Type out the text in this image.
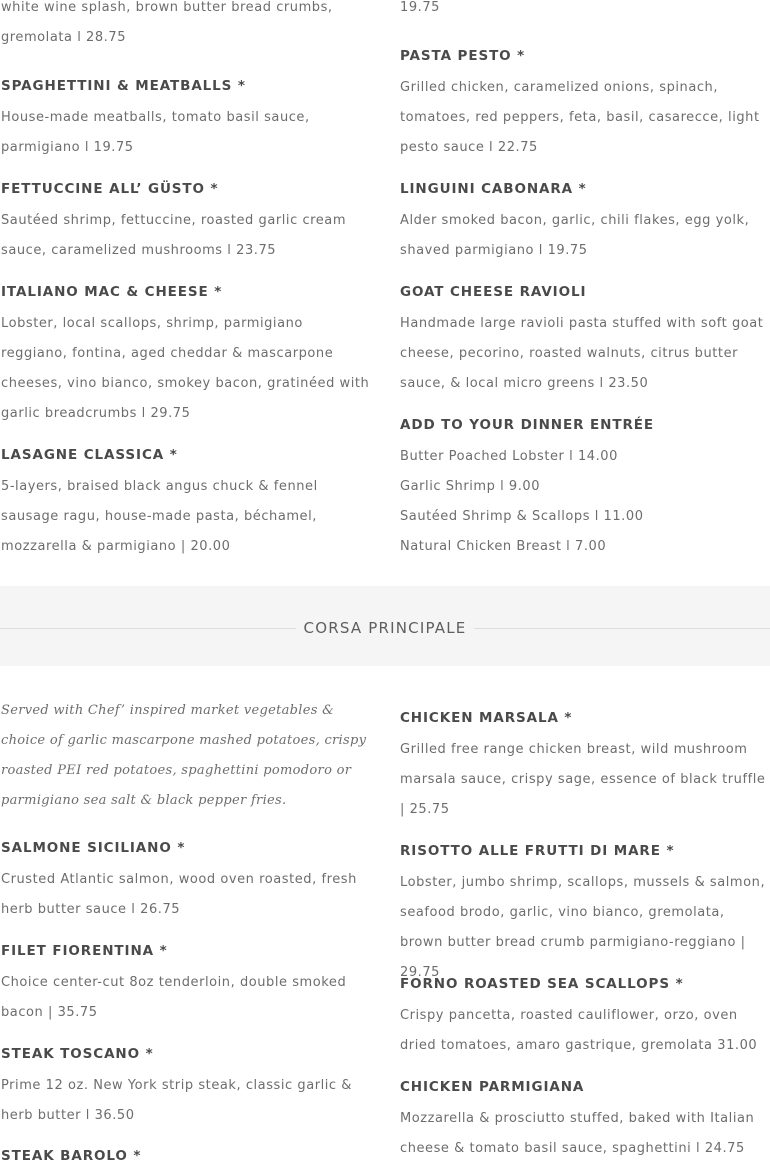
white wine splash, brown butter bread crumbs,
gremolata l 28.75
19.75
SPAGHETTINI & MEATBALLS *

House-made meatballs, tomato basil sauce, parmigiano l 19.75

FETTUCCINE ALL’ GÜSTO *

Sautéed shrimp, fettuccine, roasted garlic cream sauce, caramelized mushrooms l 23.75

ITALIANO MAC & CHEESE *

Lobster, local scallops, shrimp, parmigiano reggiano, fontina, aged cheddar & mascarpone cheeses, vino bianco, smokey bacon, gratinéed with garlic breadcrumbs l 29.75

LASAGNE CLASSICA *

5-layers, braised black angus chuck & fennel sausage ragu, house-made pasta, béchamel, mozzarella & parmigiano | 20.00

PASTA PESTO *

Grilled chicken, caramelized onions, spinach, tomatoes, red peppers, feta, basil, casarecce, light pesto sauce l 22.75

LINGUINI CABONARA *

Alder smoked bacon, garlic, chili flakes, egg yolk, shaved parmigiano l 19.75

GOAT CHEESE RAVIOLI

Handmade large ravioli pasta stuffed with soft goat cheese, pecorino, roasted walnuts, citrus butter sauce, & local micro greens l 23.50

ADD TO YOUR DINNER ENTRÉE
Butter Poached Lobster l 14.00
Garlic Shrimp l 9.00
Sautéed Shrimp & Scallops l 11.00
Natural Chicken Breast l 7.00
CORSA PRINCIPALE

Served with Chef’ inspired market vegetables & choice of garlic mascarpone mashed potatoes, crispy roasted PEI red potatoes, spaghettini pomodoro or parmigiano sea salt & black pepper fries.

SALMONE SICILIANO *

Crusted Atlantic salmon, wood oven roasted, fresh herb butter sauce l 26.75

FILET FIORENTINA *

Choice center-cut 8oz tenderloin, double smoked bacon | 35.75

STEAK TOSCANO *

Prime 12 oz. New York strip steak, classic garlic & herb butter l 36.50

STEAK BAROLO *
CHICKEN MARSALA *

Grilled free range chicken breast, wild mushroom marsala sauce, crispy sage, essence of black truffle | 25.75

RISOTTO ALLE FRUTTI DI MARE *

Lobster, jumbo shrimp, scallops, mussels & salmon, seafood brodo, garlic, vino bianco, gremolata, brown butter bread crumb parmigiano-reggiano | 29.75

FORNO ROASTED SEA SCALLOPS *

Crispy pancetta, roasted cauliflower, orzo, oven dried tomatoes, amaro gastrique, gremolata 31.00

CHICKEN PARMIGIANA

Mozzarella & prosciutto stuffed, baked with Italian cheese & tomato basil sauce, spaghettini l 24.75
